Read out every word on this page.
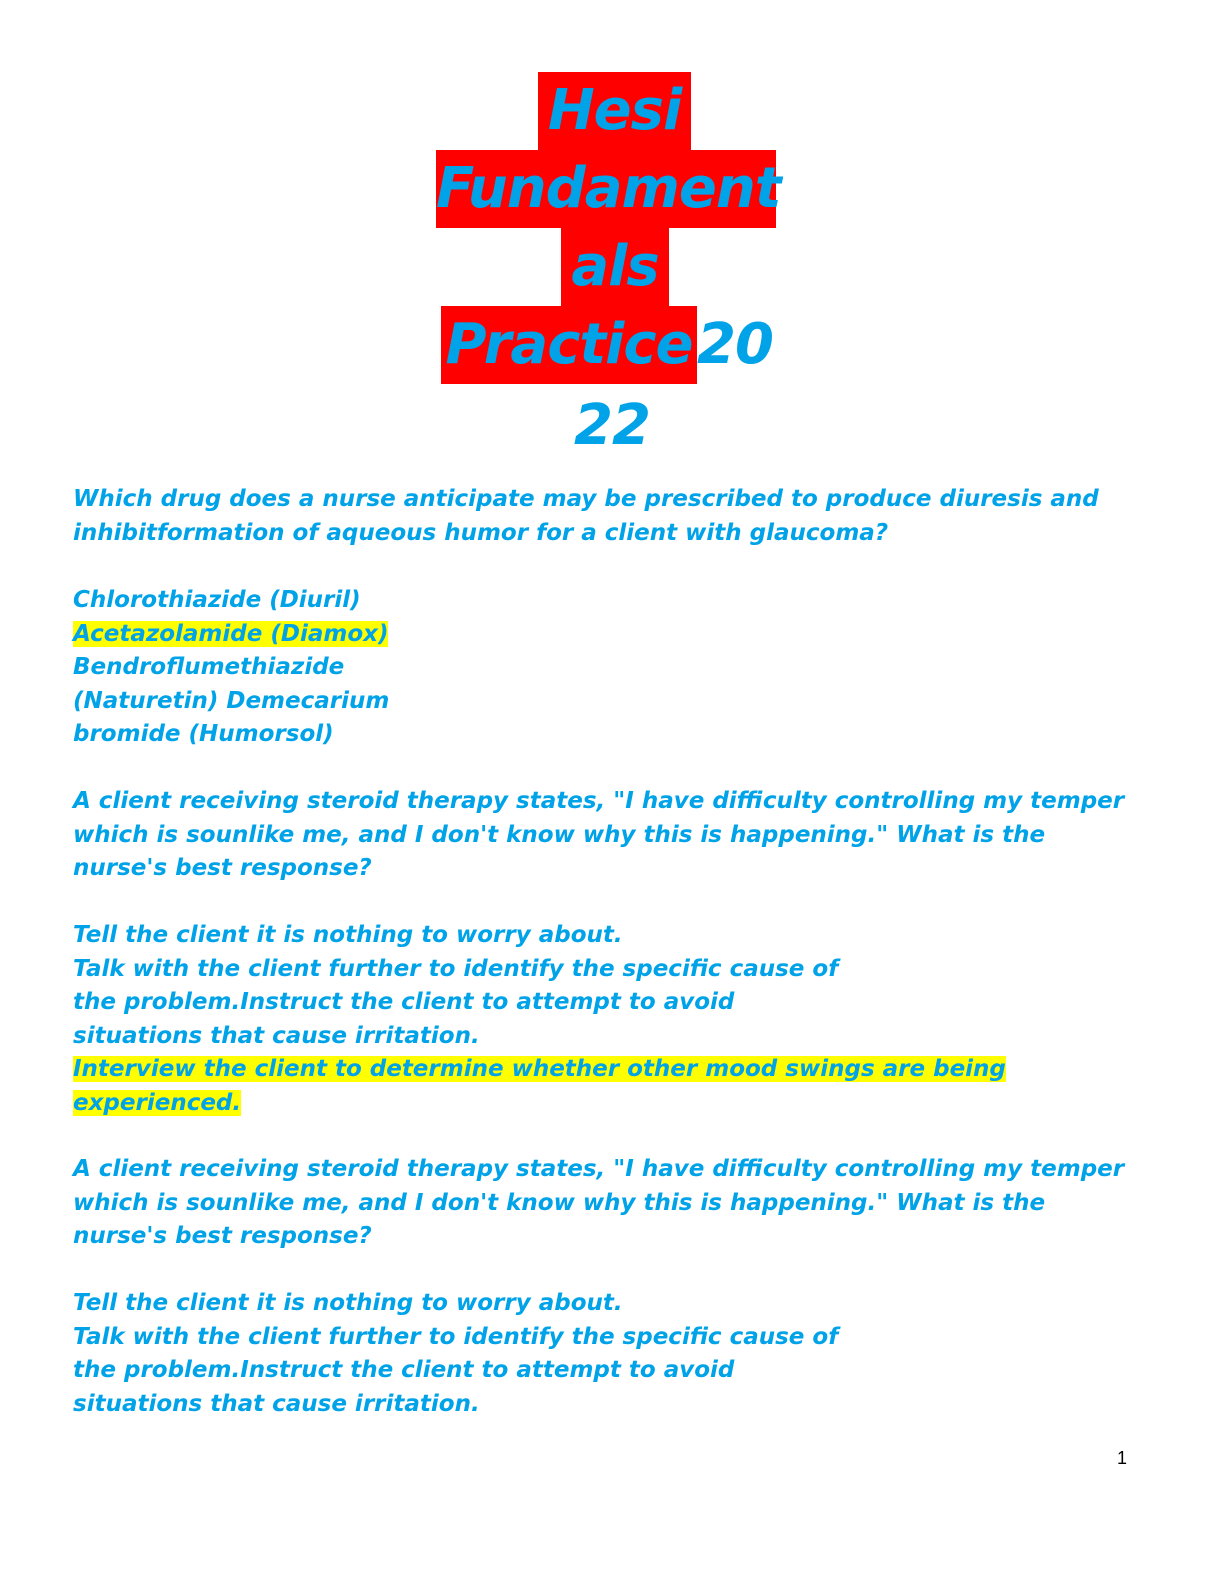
Hesi
Fundament
als
Practice20
22
Which drug does a nurse anticipate may be prescribed to produce diuresis and
inhibitformation of aqueous humor for a client with glaucoma?
Chlorothiazide (Diuril)
Acetazolamide (Diamox)
Bendroflumethiazide
(Naturetin) Demecarium
bromide (Humorsol)
A client receiving steroid therapy states, "I have difficulty controlling my temper
which is sounlike me, and I don't know why this is happening." What is the
nurse's best response?
Tell the client it is nothing to worry about.
Talk with the client further to identify the specific cause of
the problem.Instruct the client to attempt to avoid
situations that cause irritation.
Interview the client to determine whether other mood swings are being
experienced.
A client receiving steroid therapy states, "I have difficulty controlling my temper
which is sounlike me, and I don't know why this is happening." What is the
nurse's best response?
Tell the client it is nothing to worry about.
Talk with the client further to identify the specific cause of
the problem.Instruct the client to attempt to avoid
situations that cause irritation.
1
